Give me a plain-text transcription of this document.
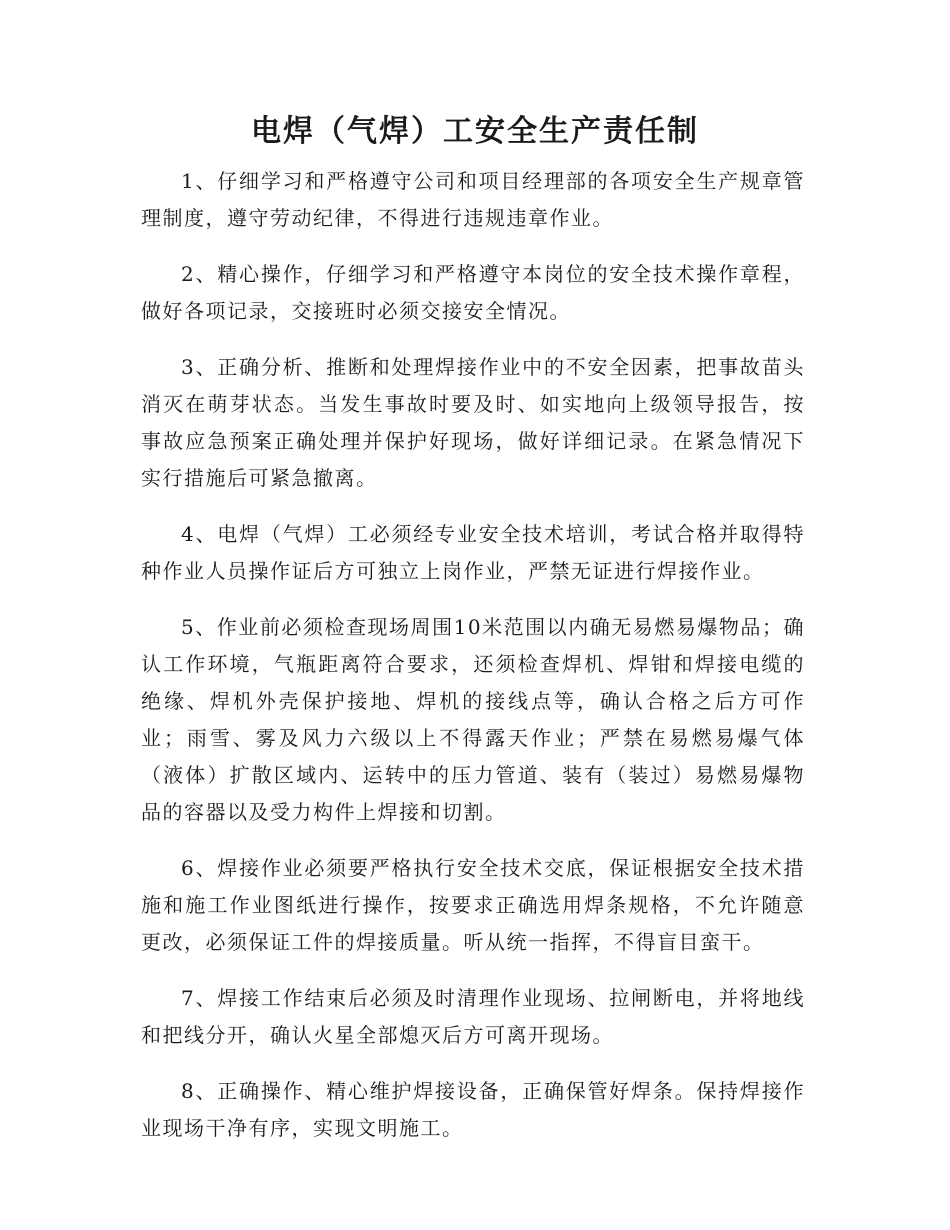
电焊（气焊）工安全生产责任制

1、仔细学习和严格遵守公司和项目经理部的各项安全生产规章管理制度，遵守劳动纪律，不得进行违规违章作业。

2、精心操作，仔细学习和严格遵守本岗位的安全技术操作章程，做好各项记录，交接班时必须交接安全情况。

3、正确分析、推断和处理焊接作业中的不安全因素，把事故苗头消灭在萌芽状态。当发生事故时要及时、如实地向上级领导报告，按事故应急预案正确处理并保护好现场，做好详细记录。在紧急情况下实行措施后可紧急撤离。

4、电焊（气焊）工必须经专业安全技术培训，考试合格并取得特种作业人员操作证后方可独立上岗作业，严禁无证进行焊接作业。

5、作业前必须检查现场周围10米范围以内确无易燃易爆物品；确认工作环境，气瓶距离符合要求，还须检查焊机、焊钳和焊接电缆的绝缘、焊机外壳保护接地、焊机的接线点等，确认合格之后方可作业；雨雪、雾及风力六级以上不得露天作业；严禁在易燃易爆气体（液体）扩散区域内、运转中的压力管道、装有（装过）易燃易爆物品的容器以及受力构件上焊接和切割。

6、焊接作业必须要严格执行安全技术交底，保证根据安全技术措施和施工作业图纸进行操作，按要求正确选用焊条规格，不允许随意更改，必须保证工件的焊接质量。听从统一指挥，不得盲目蛮干。

7、焊接工作结束后必须及时清理作业现场、拉闸断电，并将地线和把线分开，确认火星全部熄灭后方可离开现场。

8、正确操作、精心维护焊接设备，正确保管好焊条。保持焊接作业现场干净有序，实现文明施工。
